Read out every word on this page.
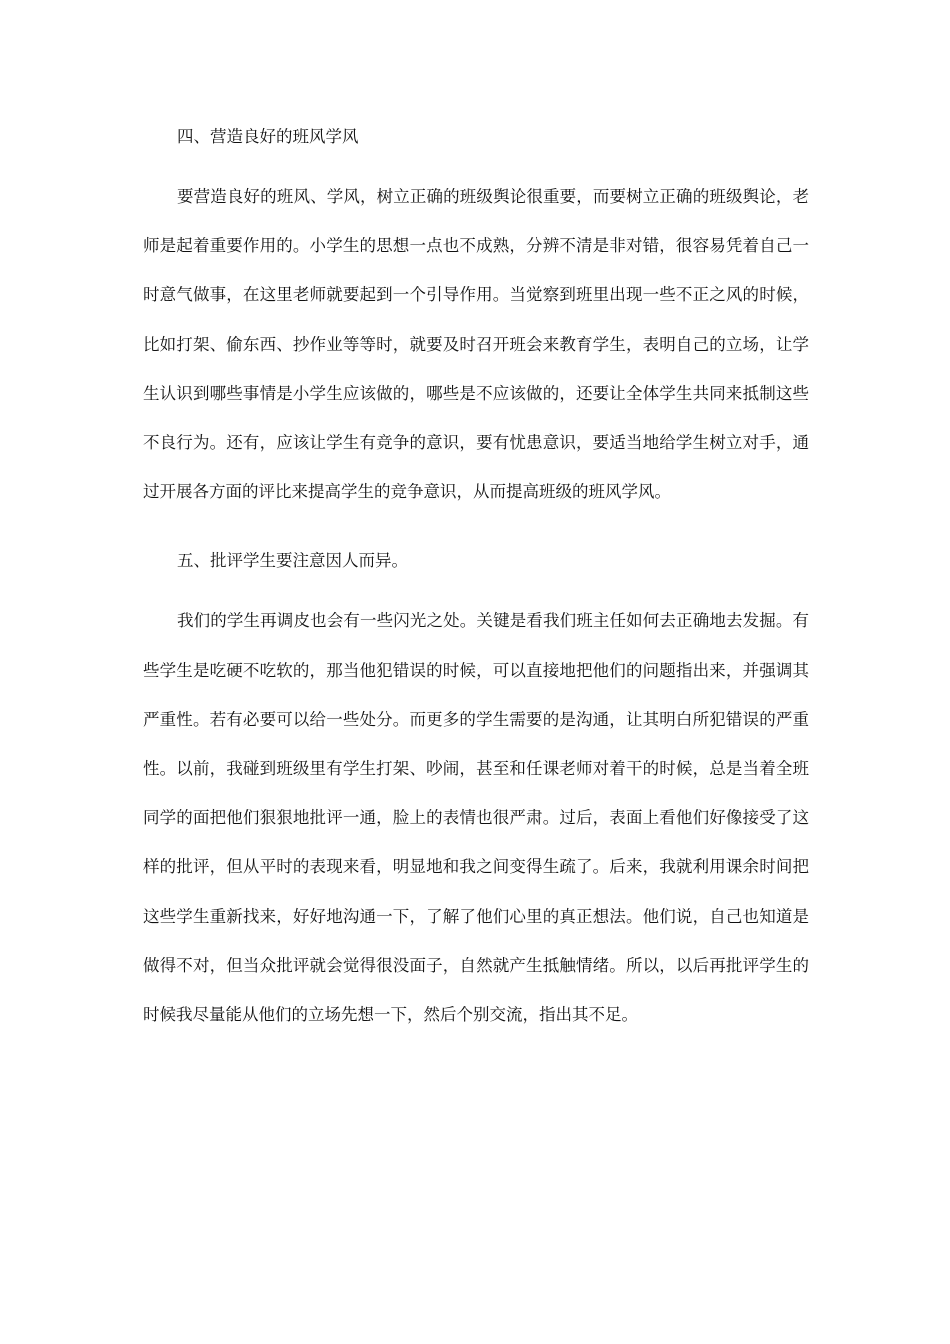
四、营造良好的班风学风

要营造良好的班风、学风，树立正确的班级舆论很重要，而要树立正确的班级舆论，老师是起着重要作用的。小学生的思想一点也不成熟，分辨不清是非对错，很容易凭着自己一时意气做事，在这里老师就要起到一个引导作用。当觉察到班里出现一些不正之风的时候，比如打架、偷东西、抄作业等等时，就要及时召开班会来教育学生，表明自己的立场，让学生认识到哪些事情是小学生应该做的，哪些是不应该做的，还要让全体学生共同来抵制这些不良行为。还有，应该让学生有竞争的意识，要有忧患意识，要适当地给学生树立对手，通过开展各方面的评比来提高学生的竞争意识，从而提高班级的班风学风。

五、批评学生要注意因人而异。

我们的学生再调皮也会有一些闪光之处。关键是看我们班主任如何去正确地去发掘。有些学生是吃硬不吃软的，那当他犯错误的时候，可以直接地把他们的问题指出来，并强调其严重性。若有必要可以给一些处分。而更多的学生需要的是沟通，让其明白所犯错误的严重性。以前，我碰到班级里有学生打架、吵闹，甚至和任课老师对着干的时候，总是当着全班同学的面把他们狠狠地批评一通，脸上的表情也很严肃。过后，表面上看他们好像接受了这样的批评，但从平时的表现来看，明显地和我之间变得生疏了。后来，我就利用课余时间把这些学生重新找来，好好地沟通一下，了解了他们心里的真正想法。他们说，自己也知道是做得不对，但当众批评就会觉得很没面子，自然就产生抵触情绪。所以，以后再批评学生的时候我尽量能从他们的立场先想一下，然后个别交流，指出其不足。
